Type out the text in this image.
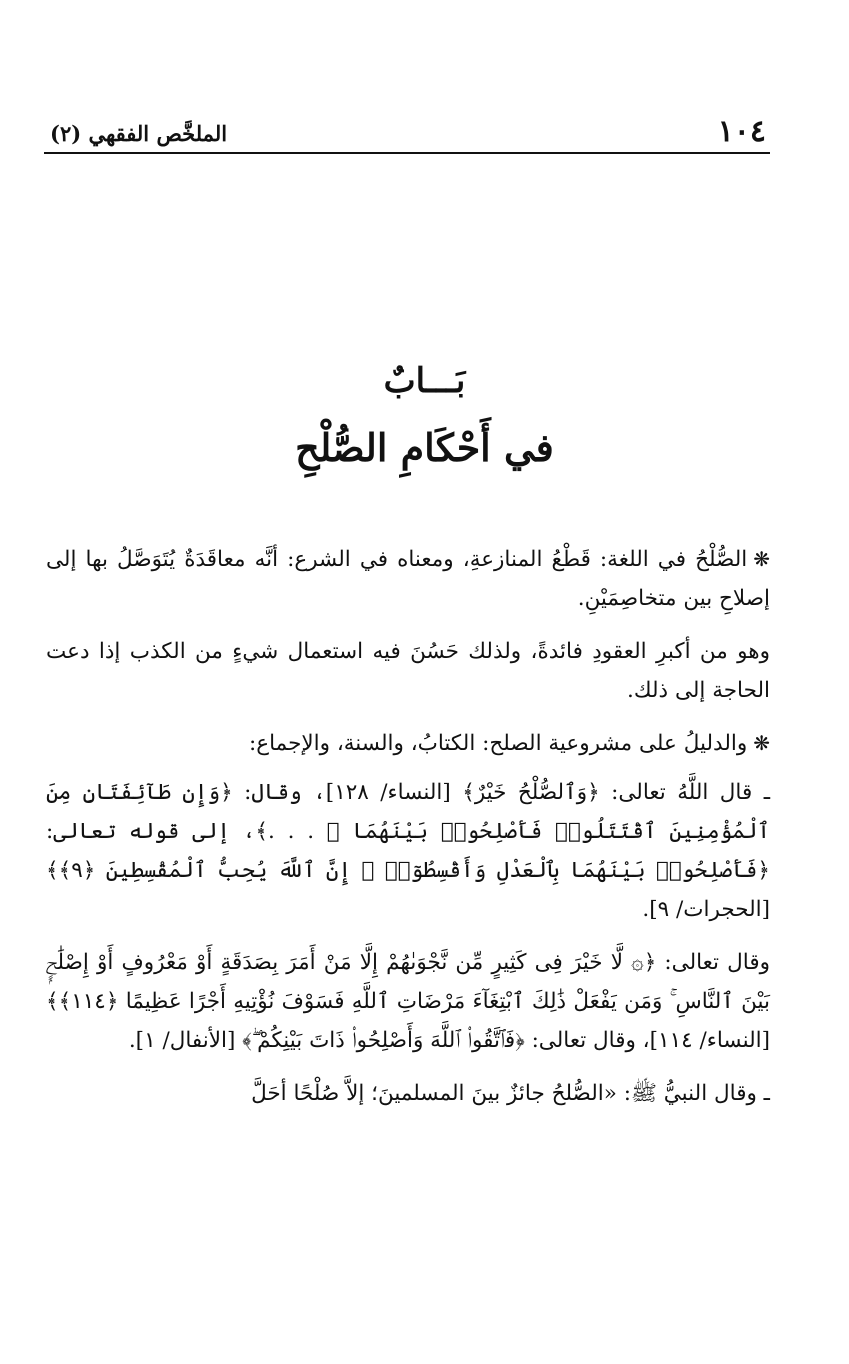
١٠٤
الملخَّص الفقهي (٢)
بَـــابٌ
في أَحْكَامِ الصُّلْحِ

❋الصُّلْحُ في اللغة: قَطْعُ المنازعةِ، ومعناه في الشرع: أنَّه معاقَدَةٌ يُتَوَصَّلُ بها إلى إصلاحِ بين متخاصِمَيْنِ.

وهو من أكبرِ العقودِ فائدةً، ولذلك حَسُنَ فيه استعمال شيءٍ من الكذب إذا دعت الحاجة إلى ذلك.

❋والدليلُ على مشروعية الصلح: الكتابُ، والسنة، والإجماع:

ـ قال اللَّهُ تعالى: ﴿وَٱلصُّلْحُ خَيْرٌ﴾ [النساء/ ١٢٨]، وقال: ﴿وَإِن طَآئِفَتَانِ مِنَ ٱلْمُؤْمِنِينَ ٱقْتَتَلُوا۟ فَأَصْلِحُوا۟ بَيْنَهُمَا ۖ . . .﴾، إلى قوله تعالى: ﴿فَأَصْلِحُوا۟ بَيْنَهُمَا بِٱلْعَدْلِ وَأَقْسِطُوٓا۟ ۖ إِنَّ ٱللَّهَ يُحِبُّ ٱلْمُقْسِطِينَ ﴿٩﴾﴾ [الحجرات/ ٩].

وقال تعالى: ﴿۞ لَّا خَيْرَ فِى كَثِيرٍ مِّن نَّجْوَىٰهُمْ إِلَّا مَنْ أَمَرَ بِصَدَقَةٍ أَوْ مَعْرُوفٍ أَوْ إِصْلَٰحٍۭ بَيْنَ ٱلنَّاسِ ۚ وَمَن يَفْعَلْ ذَٰلِكَ ٱبْتِغَآءَ مَرْضَاتِ ٱللَّهِ فَسَوْفَ نُؤْتِيهِ أَجْرًا عَظِيمًا ﴿١١٤﴾﴾ [النساء/ ١١٤]، وقال تعالى: ﴿فَٱتَّقُوا۟ ٱللَّهَ وَأَصْلِحُوا۟ ذَاتَ بَيْنِكُمْ ۖ﴾ [الأنفال/ ١].

ـ وقال النبيُّ ﷺ: «الصُّلحُ جائزٌ بينَ المسلمينَ؛ إلاَّ صُلْحًا أحَلَّ
